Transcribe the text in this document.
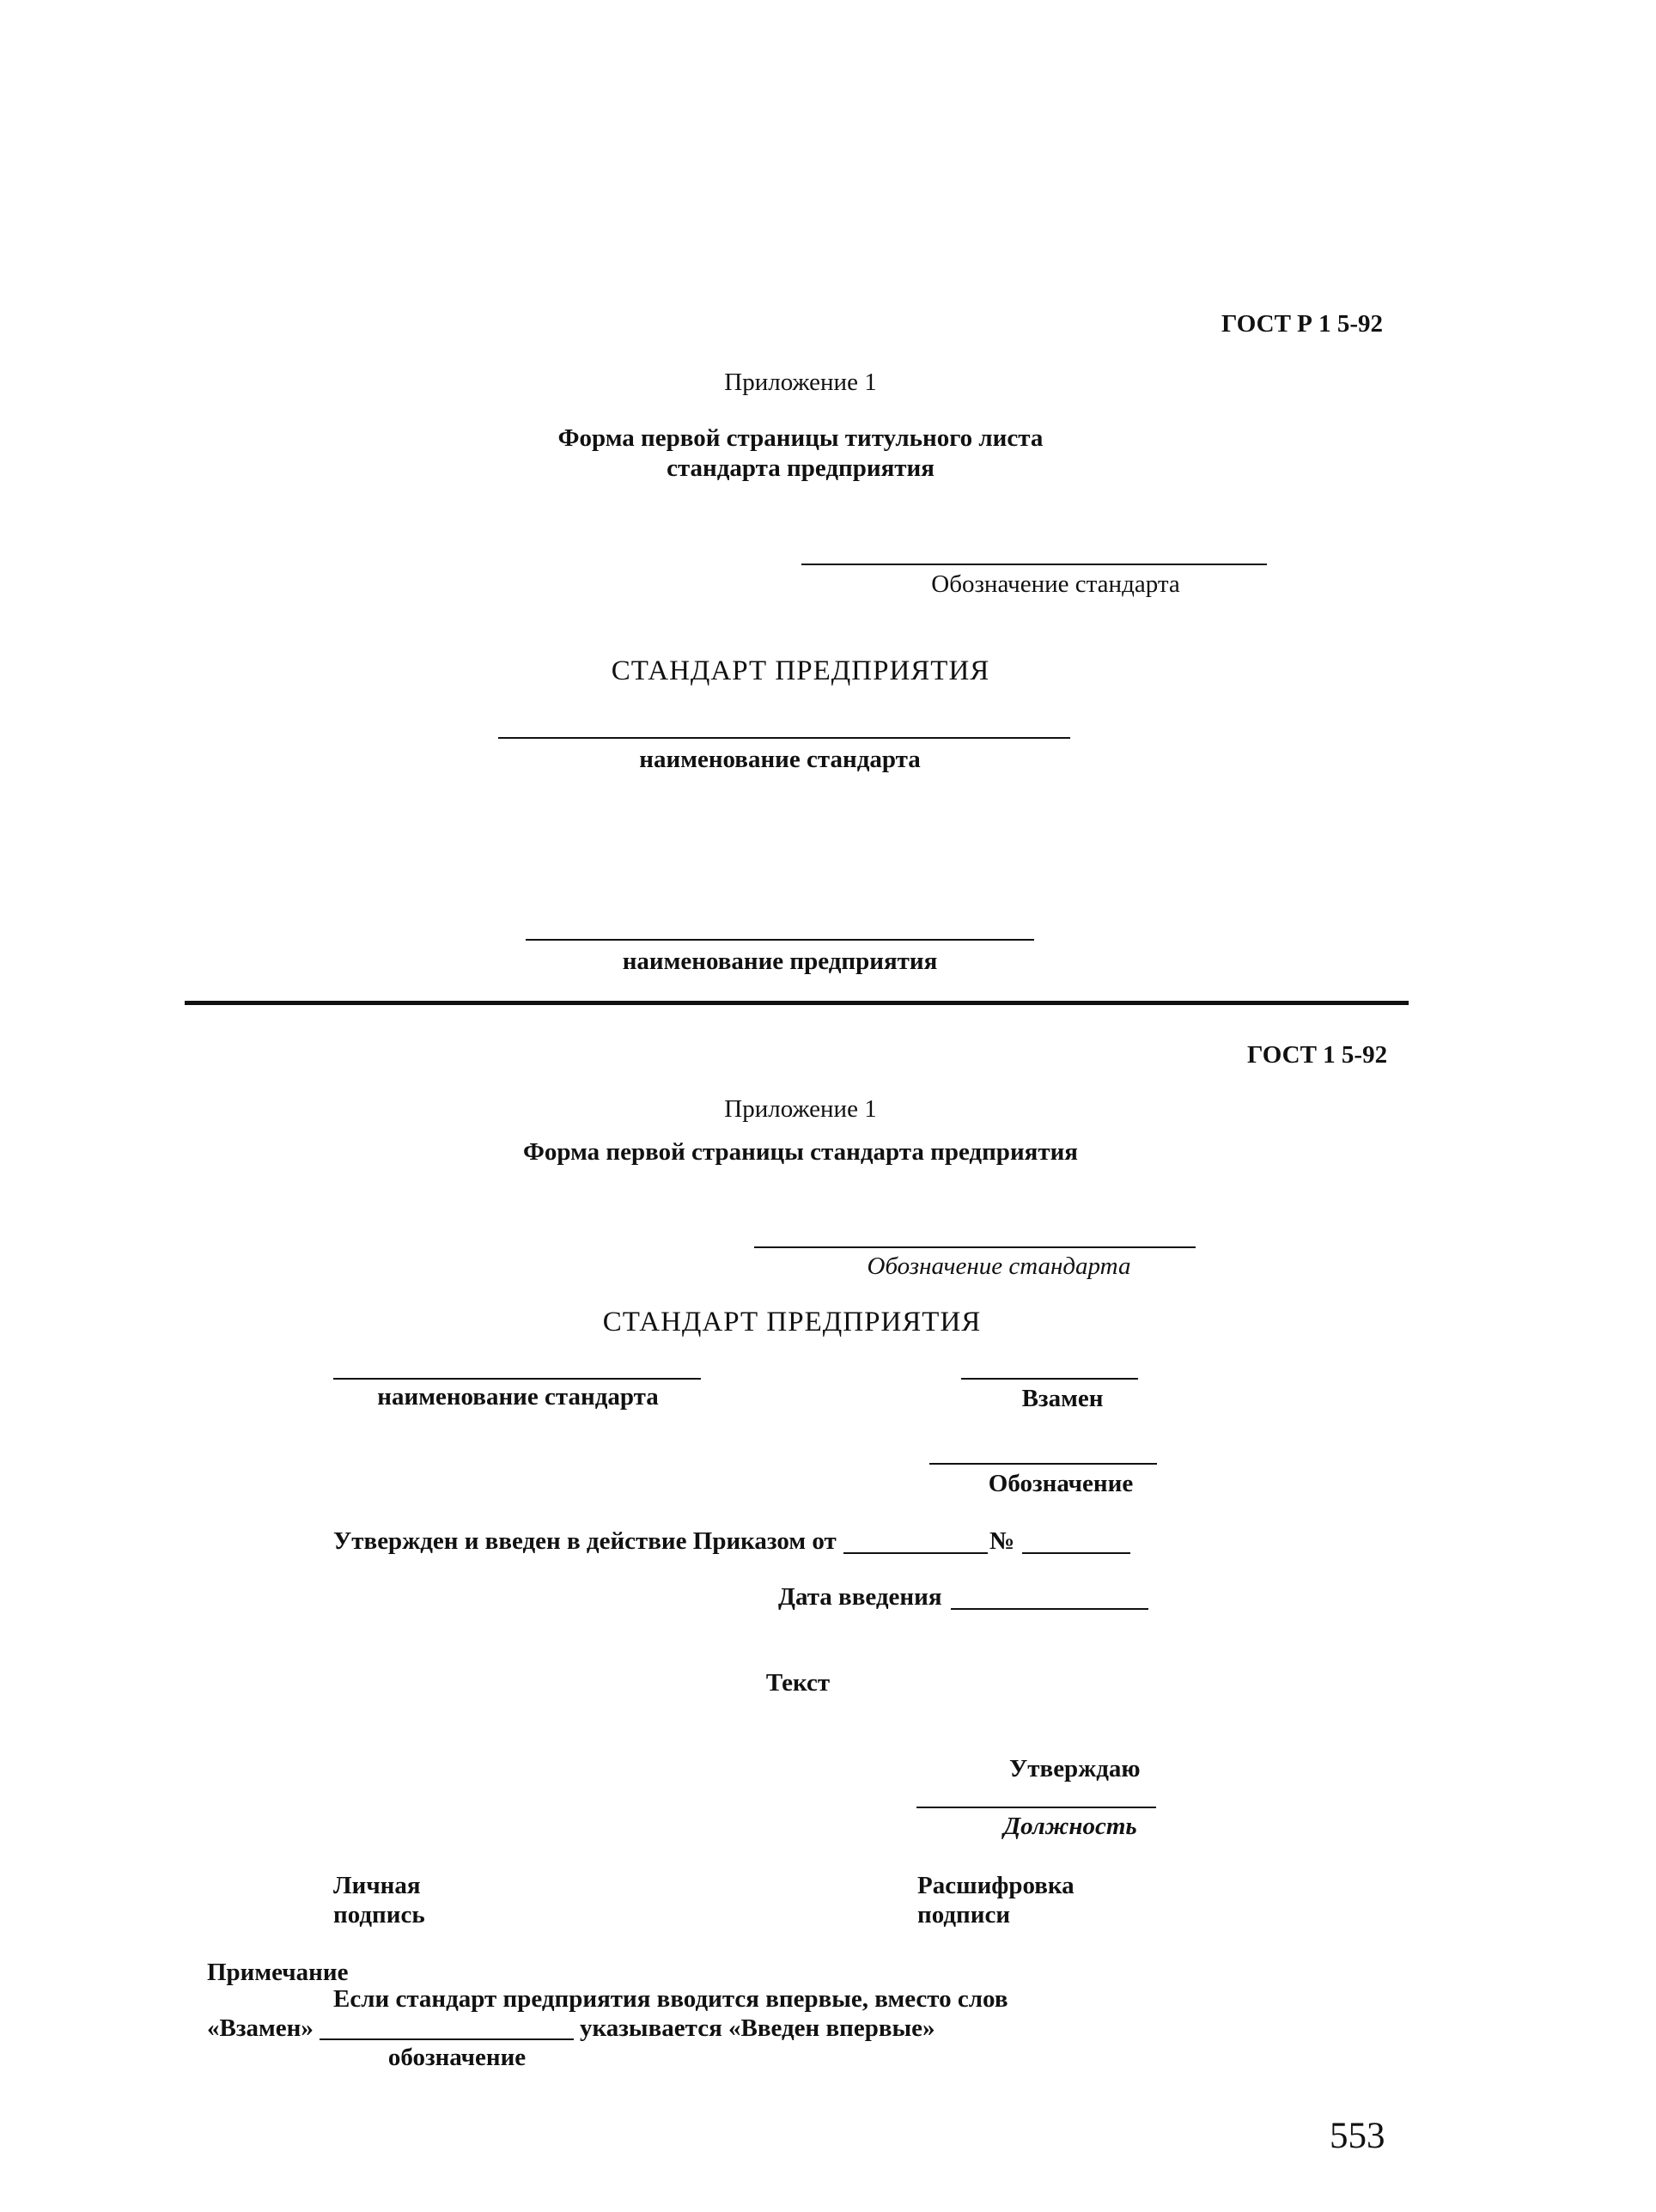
ГОСТ Р 1 5-92
Приложение 1
Форма первой страницы титульного листа
стандарта предприятия
Обозначение стандарта
СТАНДАРТ ПРЕДПРИЯТИЯ
наименование стандарта
наименование предприятия
ГОСТ 1 5-92
Приложение 1
Форма первой страницы стандарта предприятия
Обозначение стандарта
СТАНДАРТ ПРЕДПРИЯТИЯ
наименование стандарта	Взамен
Обозначение
Утвержден и введен в действие Приказом от	№
Дата введения
Текст
Утверждаю
Должность
Личная
подпись
Расшифровка
подписи
Примечание
Если стандарт предприятия вводится впервые, вместо слов
«Взамен»	указывается «Введен впервые»
обозначение
553
